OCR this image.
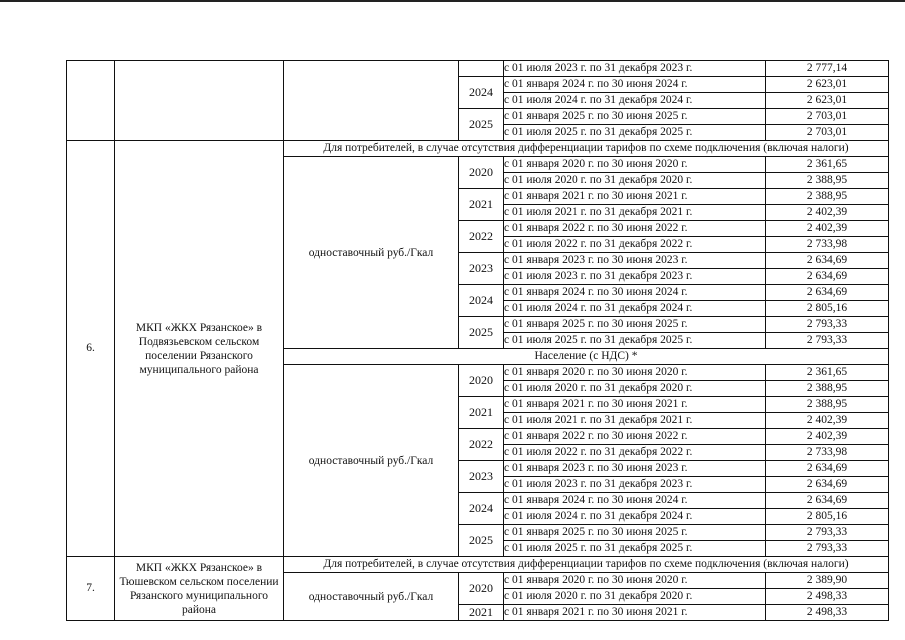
				с 01 июля 2023 г. по 31 декабря 2023 г.	2 777,14
			2024	с 01 января 2024 г. по 30 июня 2024 г.	2 623,01
				с 01 июля 2024 г. по 31 декабря 2024 г.	2 623,01
			2025	с 01 января 2025 г. по 30 июня 2025 г.	2 703,01
				с 01 июля 2025 г. по 31 декабря 2025 г.	2 703,01
6.	МКП «ЖКХ Рязанское» в Подвязьевском сельском поселении Рязанского муниципального района	Для потребителей, в случае отсутствия дифференциации тарифов по схеме подключения (включая налоги)			
		одноставочный руб./Гкал	2020	с 01 января 2020 г. по 30 июня 2020 г.	2 361,65
				с 01 июля 2020 г. по 31 декабря 2020 г.	2 388,95
			2021	с 01 января 2021 г. по 30 июня 2021 г.	2 388,95
				с 01 июля 2021 г. по 31 декабря 2021 г.	2 402,39
			2022	с 01 января 2022 г. по 30 июня 2022 г.	2 402,39
				с 01 июля 2022 г. по 31 декабря 2022 г.	2 733,98
			2023	с 01 января 2023 г. по 30 июня 2023 г.	2 634,69
				с 01 июля 2023 г. по 31 декабря 2023 г.	2 634,69
			2024	с 01 января 2024 г. по 30 июня 2024 г.	2 634,69
				с 01 июля 2024 г. по 31 декабря 2024 г.	2 805,16
			2025	с 01 января 2025 г. по 30 июня 2025 г.	2 793,33
				с 01 июля 2025 г. по 31 декабря 2025 г.	2 793,33
		Население (с НДС) *			
		одноставочный руб./Гкал	2020	с 01 января 2020 г. по 30 июня 2020 г.	2 361,65
				с 01 июля 2020 г. по 31 декабря 2020 г.	2 388,95
			2021	с 01 января 2021 г. по 30 июня 2021 г.	2 388,95
				с 01 июля 2021 г. по 31 декабря 2021 г.	2 402,39
			2022	с 01 января 2022 г. по 30 июня 2022 г.	2 402,39
				с 01 июля 2022 г. по 31 декабря 2022 г.	2 733,98
			2023	с 01 января 2023 г. по 30 июня 2023 г.	2 634,69
				с 01 июля 2023 г. по 31 декабря 2023 г.	2 634,69
			2024	с 01 января 2024 г. по 30 июня 2024 г.	2 634,69
				с 01 июля 2024 г. по 31 декабря 2024 г.	2 805,16
			2025	с 01 января 2025 г. по 30 июня 2025 г.	2 793,33
				с 01 июля 2025 г. по 31 декабря 2025 г.	2 793,33
7.	МКП «ЖКХ Рязанское» в Тюшевском сельском поселении Рязанского муниципального района	Для потребителей, в случае отсутствия дифференциации тарифов по схеме подключения (включая налоги)			
		одноставочный руб./Гкал	2020	с 01 января 2020 г. по 30 июня 2020 г.	2 389,90
				с 01 июля 2020 г. по 31 декабря 2020 г.	2 498,33
			2021	с 01 января 2021 г. по 30 июня 2021 г.	2 498,33
